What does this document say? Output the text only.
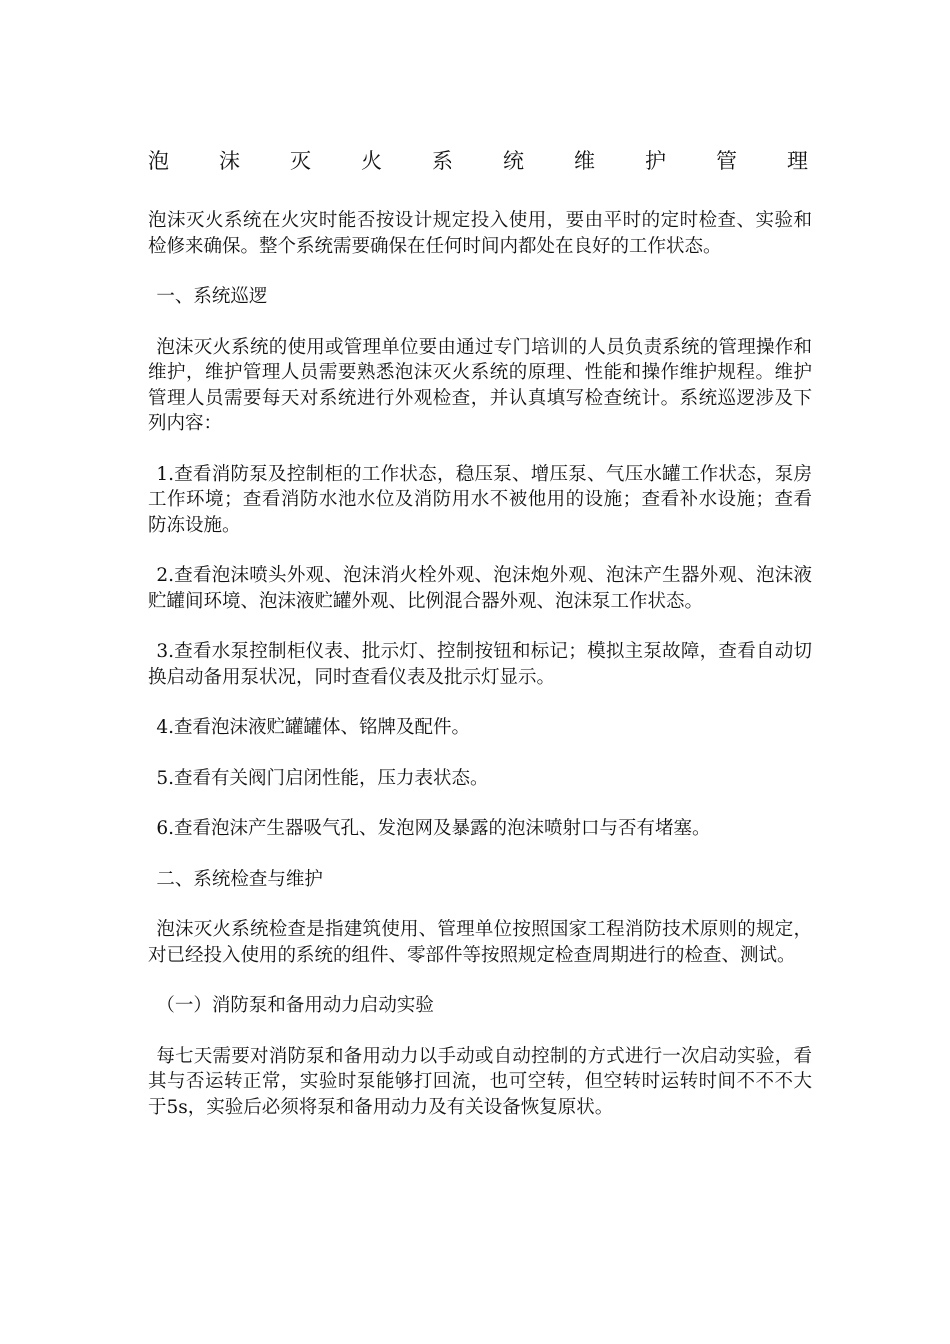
泡 沫 灭 火 系 统 维 护 管 理

泡沫灭火系统在火灾时能否按设计规定投入使用，要由平时的定时检查、实验和检修来确保。整个系统需要确保在任何时间内都处在良好的工作状态。

一、系统巡逻

泡沫灭火系统的使用或管理单位要由通过专门培训的人员负责系统的管理操作和维护，维护管理人员需要熟悉泡沫灭火系统的原理、性能和操作维护规程。维护管理人员需要每天对系统进行外观检查，并认真填写检查统计。系统巡逻涉及下列内容：

1.查看消防泵及控制柜的工作状态，稳压泵、增压泵、气压水罐工作状态，泵房工作环境；查看消防水池水位及消防用水不被他用的设施；查看补水设施；查看防冻设施。

2.查看泡沫喷头外观、泡沫消火栓外观、泡沫炮外观、泡沫产生器外观、泡沫液贮罐间环境、泡沫液贮罐外观、比例混合器外观、泡沫泵工作状态。

3.查看水泵控制柜仪表、批示灯、控制按钮和标记；模拟主泵故障，查看自动切换启动备用泵状况，同时查看仪表及批示灯显示。

4.查看泡沫液贮罐罐体、铭牌及配件。

5.查看有关阀门启闭性能，压力表状态。

6.查看泡沫产生器吸气孔、发泡网及暴露的泡沫喷射口与否有堵塞。

二、系统检查与维护

泡沫灭火系统检查是指建筑使用、管理单位按照国家工程消防技术原则的规定，对已经投入使用的系统的组件、零部件等按照规定检查周期进行的检查、测试。

（一）消防泵和备用动力启动实验

每七天需要对消防泵和备用动力以手动或自动控制的方式进行一次启动实验，看其与否运转正常，实验时泵能够打回流，也可空转，但空转时运转时间不不不大于5s，实验后必须将泵和备用动力及有关设备恢复原状。
